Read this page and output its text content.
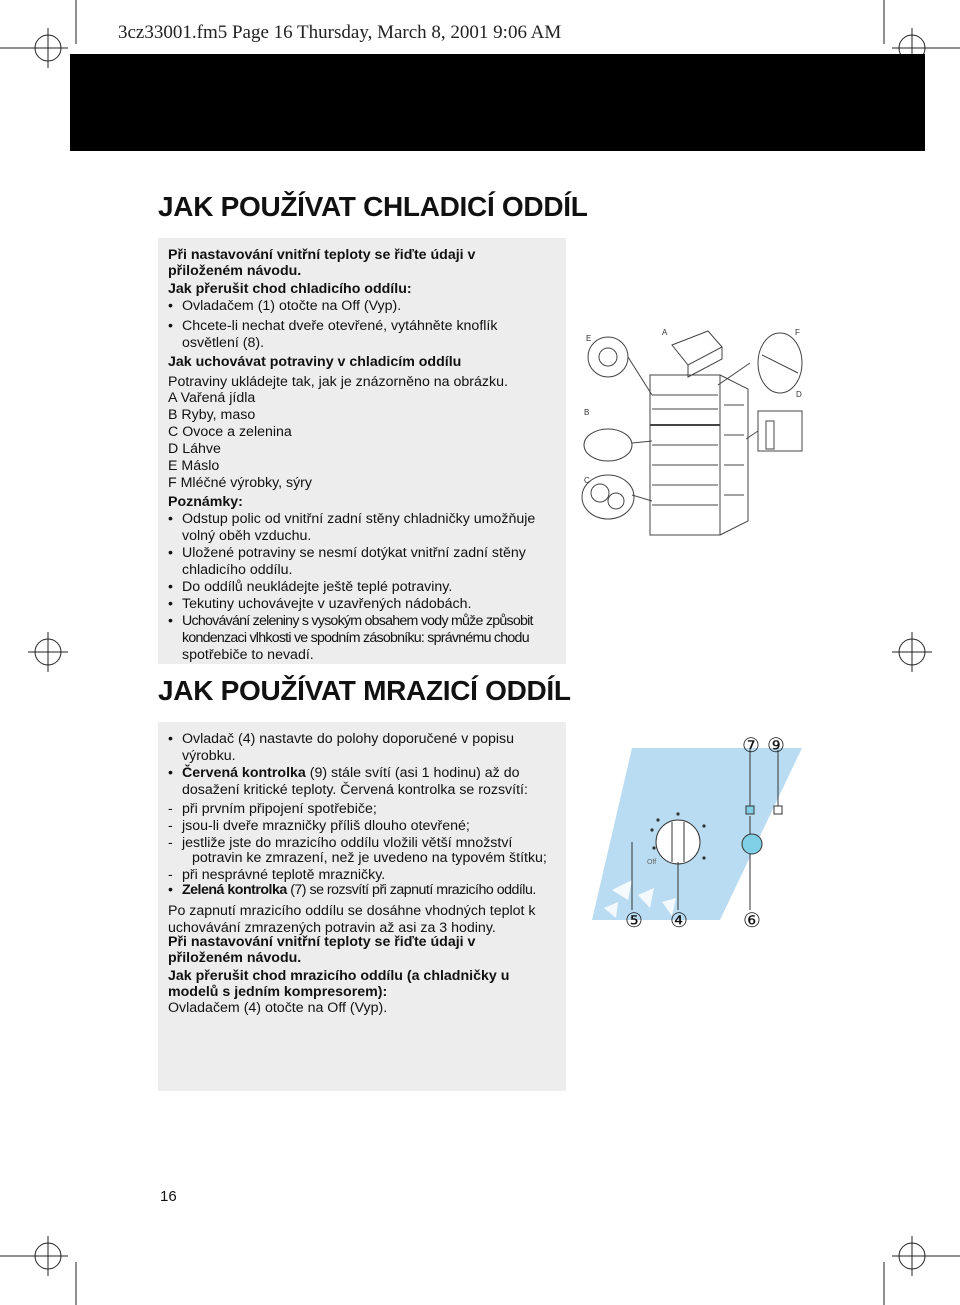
3cz33001.fm5 Page 16 Thursday, March 8, 2001 9:06 AM
JAK POUŽÍVAT CHLADICÍ ODDÍL
Při nastavování vnitřní teploty se řiďte údaji v
přiloženém návodu.
Jak přerušit chod chladicího oddílu:
• Ovladačem (1) otočte na Off (Vyp).
• Chcete-li nechat dveře otevřené, vytáhněte knoflík
osvětlení (8).
Jak uchovávat potraviny v chladicím oddílu
Potraviny ukládejte tak, jak je znázorněno na obrázku.
A Vařená jídla
B Ryby, maso
C Ovoce a zelenina
D Láhve
E Máslo
F Mléčné výrobky, sýry
Poznámky:
• Odstup polic od vnitřní zadní stěny chladničky umožňuje
volný oběh vzduchu.
• Uložené potraviny se nesmí dotýkat vnitřní zadní stěny
chladicího oddílu.
• Do oddílů neukládejte ještě teplé potraviny.
• Tekutiny uchovávejte v uzavřených nádobách.
• Uchovávání zeleniny s vysokým obsahem vody může způsobit
kondenzaci vlhkosti ve spodním zásobníku: správnému chodu
spotřebiče to nevadí.
E
A	F
B
C
D
JAK POUŽÍVAT MRAZICÍ ODDÍL
• Ovladač (4) nastavte do polohy doporučené v popisu
výrobku.
• Červená kontrolka (9) stále svítí (asi 1 hodinu) až do
dosažení kritické teploty. Červená kontrolka se rozsvítí:
- při prvním připojení spotřebiče;
- jsou-li dveře mrazničky příliš dlouho otevřené;
- jestliže jste do mrazicího oddílu vložili větší množství
potravin ke zmrazení, než je uvedeno na typovém štítku;
- při nesprávné teplotě mrazničky.
• Zelená kontrolka (7) se rozsvítí při zapnutí mrazicího oddílu.
Po zapnutí mrazicího oddílu se dosáhne vhodných teplot k
uchovávání zmrazených potravin až asi za 3 hodiny.
Při nastavování vnitřní teploty se řiďte údaji v
přiloženém návodu.
Jak přerušit chod mrazicího oddílu (a chladničky u
modelů s jedním kompresorem):
Ovladačem (4) otočte na Off (Vyp).
Off
⑦ ⑨
⑤ ④	⑥
16
